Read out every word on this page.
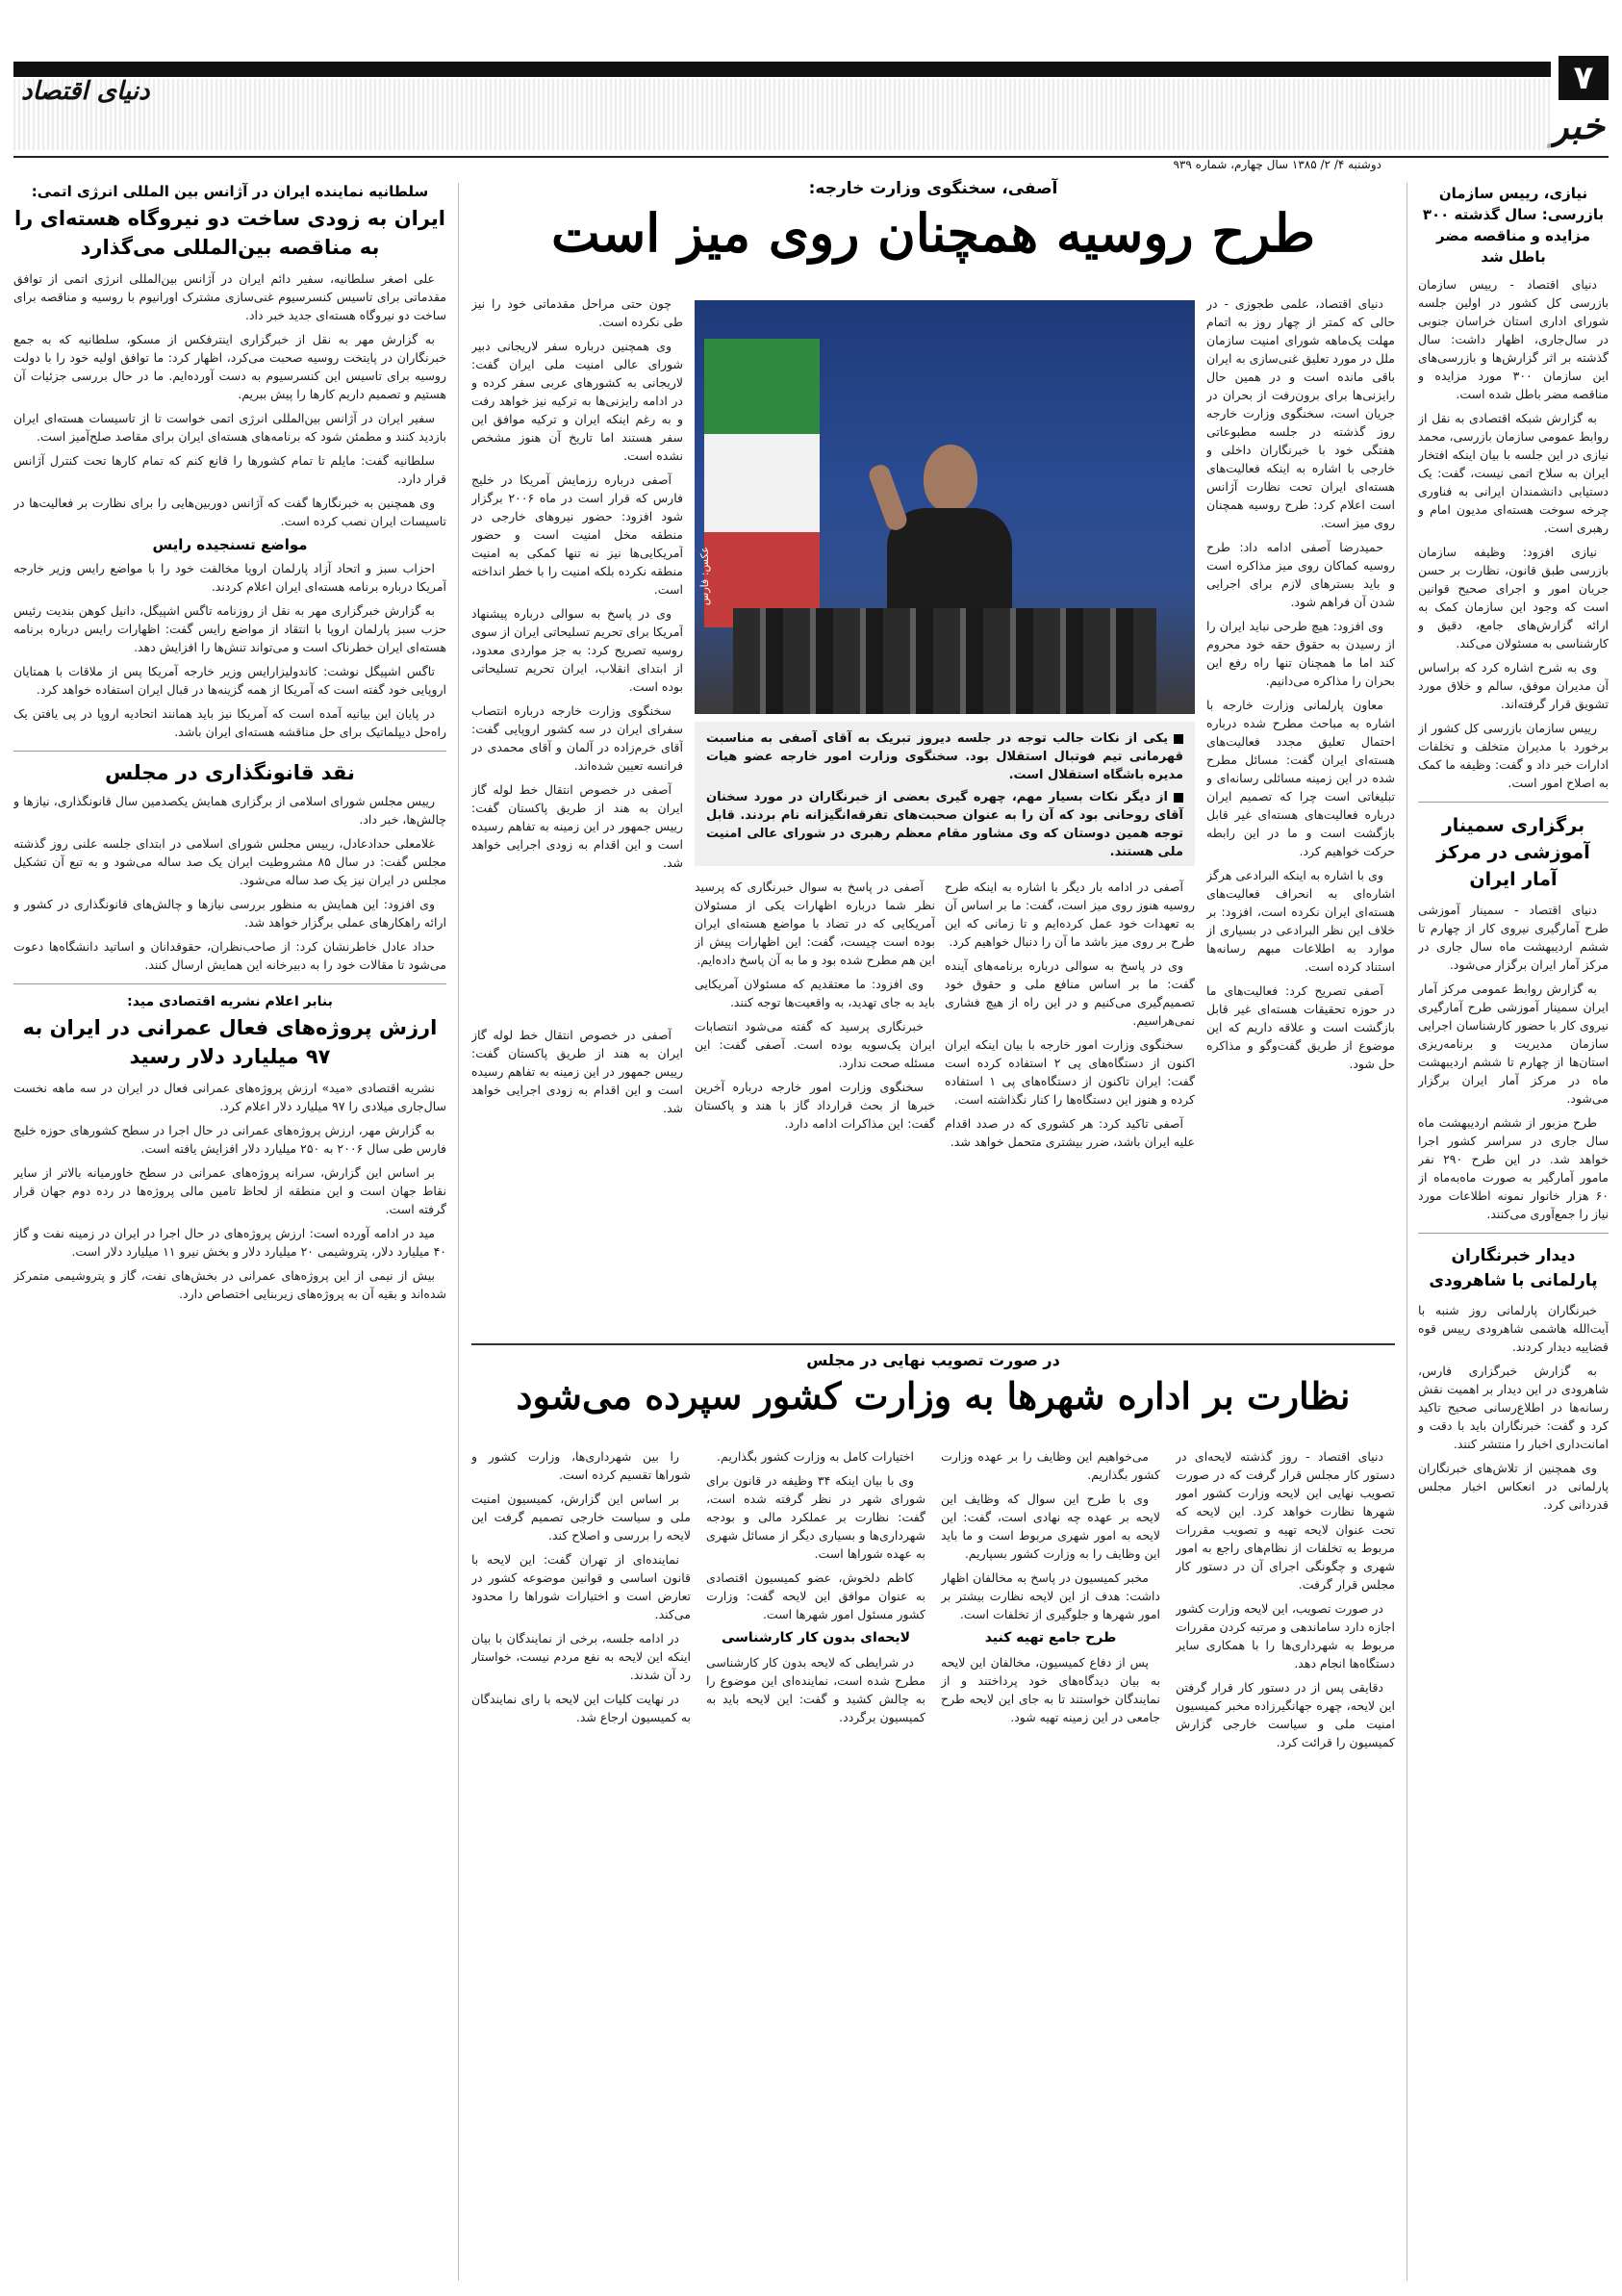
۷
خبر
دنیای اقتصاد
دوشنبه ۴/ ۲/ ۱۳۸۵ سال چهارم، شماره ۹۳۹
سلطانیه نماینده ایران در آژانس بین المللی انرژی اتمی:
ایران به زودی ساخت دو نیروگاه هسته‌ای را به مناقصه بین‌المللی می‌گذارد

علی اصغر سلطانیه، سفیر دائم ایران در آژانس بین‌المللی انرژی اتمی از توافق مقدماتی برای تاسیس کنسرسیوم غنی‌سازی مشترک اورانیوم با روسیه و مناقصه برای ساخت دو نیروگاه هسته‌ای جدید خبر داد.

به گزارش مهر به نقل از خبرگزاری اینترفکس از مسکو، سلطانیه که به جمع خبرنگاران در پایتخت روسیه صحبت می‌کرد، اظهار کرد: ما توافق اولیه خود را با دولت روسیه برای تاسیس این کنسرسیوم به دست آورده‌ایم. ما در حال بررسی جزئیات آن هستیم و تصمیم داریم کارها را پیش ببریم.

سفیر ایران در آژانس بین‌المللی انرژی اتمی خواست تا از تاسیسات هسته‌ای ایران بازدید کنند و مطمئن شود که برنامه‌های هسته‌ای ایران برای مقاصد صلح‌آمیز است.

سلطانیه گفت: مایلم تا تمام کشورها را قانع کنم که تمام کارها تحت کنترل آژانس قرار دارد.

وی همچنین به خبرنگارها گفت که آژانس دوربین‌هایی را برای نظارت بر فعالیت‌ها در تاسیسات ایران نصب کرده است.

مواضع تسنجیده رایس

احزاب سبز و اتحاد آزاد پارلمان اروپا مخالفت خود را با مواضع رایس وزیر خارجه آمریکا درباره برنامه هسته‌ای ایران اعلام کردند.

به گزارش خبرگزاری مهر به نقل از روزنامه تاگس اشپیگل، دانیل کوهن بندیت رئیس حزب سبز پارلمان اروپا با انتقاد از مواضع رایس گفت: اظهارات رایس درباره برنامه هسته‌ای ایران خطرناک است و می‌تواند تنش‌ها را افزایش دهد.

تاگس اشپیگل نوشت: کاندولیزارایس وزیر خارجه آمریکا پس از ملاقات با همتایان اروپایی خود گفته است که آمریکا از همه گزینه‌ها در قبال ایران استفاده خواهد کرد.

در پایان این بیانیه آمده است که آمریکا نیز باید همانند اتحادیه اروپا در پی یافتن یک راه‌حل دیپلماتیک برای حل مناقشه هسته‌ای ایران باشد.

نقد قانونگذاری در مجلس

رییس مجلس شورای اسلامی از برگزاری همایش یکصدمین سال قانونگذاری، نیازها و چالش‌ها، خبر داد.

غلامعلی حدادعادل، رییس مجلس شورای اسلامی در ابتدای جلسه علنی روز گذشته مجلس گفت: در سال ۸۵ مشروطیت ایران یک صد ساله می‌شود و به تبع آن تشکیل مجلس در ایران نیز یک صد ساله می‌شود.

وی افزود: این همایش به منظور بررسی نیازها و چالش‌های قانونگذاری در کشور و ارائه راهکارهای عملی برگزار خواهد شد.

حداد عادل خاطرنشان کرد: از صاحب‌نظران، حقوقدانان و اساتید دانشگاه‌ها دعوت می‌شود تا مقالات خود را به دبیرخانه این همایش ارسال کنند.

بنابر اعلام نشریه اقتصادی مید:
ارزش پروژه‌های فعال عمرانی در ایران به ۹۷ میلیارد دلار رسید

نشریه اقتصادی «مید» ارزش پروژه‌های عمرانی فعال در ایران در سه ماهه نخست سال‌جاری میلادی را ۹۷ میلیارد دلار اعلام کرد.

به گزارش مهر، ارزش پروژه‌های عمرانی در حال اجرا در سطح کشورهای حوزه خلیج فارس طی سال ۲۰۰۶ به ۲۵۰ میلیارد دلار افزایش یافته است.

بر اساس این گزارش، سرانه پروژه‌های عمرانی در سطح خاورمیانه بالاتر از سایر نقاط جهان است و این منطقه از لحاظ تامین مالی پروژه‌ها در رده دوم جهان قرار گرفته است.

مید در ادامه آورده است: ارزش پروژه‌های در حال اجرا در ایران در زمینه نفت و گاز ۴۰ میلیارد دلار، پتروشیمی ۲۰ میلیارد دلار و بخش نیرو ۱۱ میلیارد دلار است.

بیش از نیمی از این پروژه‌های عمرانی در بخش‌های نفت، گاز و پتروشیمی متمرکز شده‌اند و بقیه آن به پروژه‌های زیربنایی اختصاص دارد.

آصفی، سخنگوی وزارت خارجه:
طرح روسیه همچنان روی میز است

چون حتی مراحل مقدماتی خود را نیز طی نکرده است.

وی همچنین درباره سفر لاریجانی دبیر شورای عالی امنیت ملی ایران گفت: لاریجانی به کشورهای عربی سفر کرده و در ادامه رایزنی‌ها به ترکیه نیز خواهد رفت و به رغم اینکه ایران و ترکیه موافق این سفر هستند اما تاریخ آن هنوز مشخص نشده است.

آصفی درباره رزمایش آمریکا در خلیج فارس که قرار است در ماه ۲۰۰۶ برگزار شود افزود: حضور نیروهای خارجی در منطقه مخل امنیت است و حضور آمریکایی‌ها نیز نه تنها کمکی به امنیت منطقه نکرده بلکه امنیت را با خطر انداخته است.

وی در پاسخ به سوالی درباره پیشنهاد آمریکا برای تحریم تسلیحاتی ایران از سوی روسیه تصریح کرد: به جز مواردی معدود، از ابتدای انقلاب، ایران تحریم تسلیحاتی بوده است.

سخنگوی وزارت خارجه درباره انتصاب سفرای ایران در سه کشور اروپایی گفت: آقای خرم‌زاده در آلمان و آقای محمدی در فرانسه تعیین شده‌اند.

آصفی در خصوص انتقال خط لوله گاز ایران به هند از طریق پاکستان گفت: رییس جمهور در این زمینه به تفاهم رسیده است و این اقدام به زودی اجرایی خواهد شد.

عکس: فارس

یکی از نکات جالب توجه در جلسه دیروز تبریک به آقای آصفی به مناسبت قهرمانی تیم فوتبال استقلال بود. سخنگوی وزارت امور خارجه عضو هیات مدیره باشگاه استقلال است.

از دیگر نکات بسیار مهم، چهره گیری بعضی از خبرنگاران در مورد سخنان آقای روحانی بود که آن را به عنوان صحبت‌های تفرقه‌انگیزانه نام بردند. قابل توجه همین دوستان که وی مشاور مقام معظم رهبری در شورای عالی امنیت ملی هستند.

دنیای اقتصاد، علمی طجوزی - در حالی که کمتر از چهار روز به اتمام مهلت یک‌ماهه شورای امنیت سازمان ملل در مورد تعلیق غنی‌سازی به ایران باقی مانده است و در همین حال رایزنی‌ها برای برون‌رفت از بحران در جریان است، سخنگوی وزارت خارجه روز گذشته در جلسه مطبوعاتی هفتگی خود با خبرنگاران داخلی و خارجی با اشاره به اینکه فعالیت‌های هسته‌ای ایران تحت نظارت آژانس است اعلام کرد: طرح روسیه همچنان روی میز است.

حمیدرضا آصفی ادامه داد: طرح روسیه کماکان روی میز مذاکره است و باید بستر‌های لازم برای اجرایی شدن آن فراهم شود.

وی افزود: هیچ طرحی نباید ایران را از رسیدن به حقوق حقه خود محروم کند اما ما همچنان تنها راه رفع این بحران را مذاکره می‌دانیم.

معاون پارلمانی وزارت خارجه با اشاره به مباحث مطرح شده درباره احتمال تعلیق مجدد فعالیت‌های هسته‌ای ایران گفت: مسائل مطرح شده در این زمینه مسائلی رسانه‌ای و تبلیغاتی است چرا که تصمیم ایران درباره فعالیت‌های هسته‌ای غیر قابل بازگشت است و ما در این رابطه حرکت خواهیم کرد.

وی با اشاره به اینکه البرادعی هرگز اشاره‌ای به انحراف فعالیت‌های هسته‌ای ایران نکرده است، افزود: بر خلاف این نظر البرادعی در بسیاری از موارد به اطلاعات مبهم رسانه‌ها استناد کرده است.

آصفی تصریح کرد: فعالیت‌های ما در حوزه تحقیقات هسته‌ای غیر قابل بازگشت است و علاقه داریم که این موضوع از طریق گفت‌وگو و مذاکره حل شود.

آصفی در ادامه بار دیگر با اشاره به اینکه طرح روسیه هنوز روی میز است، گفت: ما بر اساس آن به تعهدات خود عمل کرده‌ایم و تا زمانی که این طرح بر روی میز باشد ما آن را دنبال خواهیم کرد.

وی در پاسخ به سوالی درباره برنامه‌های آینده گفت: ما بر اساس منافع ملی و حقوق خود تصمیم‌گیری می‌کنیم و در این راه از هیچ فشاری نمی‌هراسیم.

سخنگوی وزارت امور خارجه با بیان اینکه ایران اکنون از دستگاه‌های پی ۲ استفاده کرده است گفت: ایران تاکنون از دستگاه‌های پی ۱ استفاده کرده و هنوز این دستگاه‌ها را کنار نگذاشته است.

آصفی تاکید کرد: هر کشوری که در صدد اقدام علیه ایران باشد، ضرر بیشتری متحمل خواهد شد.

آصفی در پاسخ به سوال خبرنگاری که پرسید نظر شما درباره اظهارات یکی از مسئولان آمریکایی که در تضاد با مواضع هسته‌ای ایران بوده است چیست، گفت: این اظهارات پیش از این هم مطرح شده بود و ما به آن پاسخ داده‌ایم.

وی افزود: ما معتقدیم که مسئولان آمریکایی باید به جای تهدید، به واقعیت‌ها توجه کنند.

خبرنگاری پرسید که گفته می‌شود انتصابات ایران یک‌سویه بوده است. آصفی گفت: این مسئله صحت ندارد.

سخنگوی وزارت امور خارجه درباره آخرین خبرها از بحث قرارداد گاز با هند و پاکستان گفت: این مذاکرات ادامه دارد.

آصفی در خصوص انتقال خط لوله گاز ایران به هند از طریق پاکستان گفت: رییس جمهور در این زمینه به تفاهم رسیده است و این اقدام به زودی اجرایی خواهد شد.

در صورت تصویب نهایی در مجلس
نظارت بر اداره شهرها به وزارت کشور سپرده می‌شود

دنیای اقتصاد - روز گذشته لایحه‌ای در دستور کار مجلس قرار گرفت که در صورت تصویب نهایی این لایحه وزارت کشور امور شهرها نظارت خواهد کرد. این لایحه که تحت عنوان لایحه تهیه و تصویب مقررات مربوط به تخلفات از نظام‌های راجع به امور شهری و چگونگی اجرای آن در دستور کار مجلس قرار گرفت.

در صورت تصویب، این لایحه وزارت کشور اجازه دارد ساماندهی و مرتبه کردن مقررات مربوط به شهرداری‌ها را با همکاری سایر دستگاه‌ها انجام دهد.

دقایقی پس از در دستور کار قرار گرفتن این لایحه، چهره جهانگیرزاده مخبر کمیسیون امنیت ملی و سیاست خارجی گزارش کمیسیون را قرائت کرد.

می‌خواهیم این وظایف را بر عهده وزارت کشور بگذاریم.

وی با طرح این سوال که وظایف این لایحه بر عهده چه نهادی است، گفت: این لایحه به امور شهری مربوط است و ما باید این وظایف را به وزارت کشور بسپاریم.

مخبر کمیسیون در پاسخ به مخالفان اظهار داشت: هدف از این لایحه نظارت بیشتر بر امور شهرها و جلوگیری از تخلفات است.

طرح جامع تهیه کنید

پس از دفاع کمیسیون، مخالفان این لایحه به بیان دیدگاه‌های خود پرداختند و از نمایندگان خواستند تا به جای این لایحه طرح جامعی در این زمینه تهیه شود.

اختیارات کامل به وزارت کشور بگذاریم.

وی با بیان اینکه ۳۴ وظیفه در قانون برای شورای شهر در نظر گرفته شده است، گفت: نظارت بر عملکرد مالی و بودجه شهرداری‌ها و بسیاری دیگر از مسائل شهری به عهده شوراها است.

کاظم دلخوش، عضو کمیسیون اقتصادی به عنوان موافق این لایحه گفت: وزارت کشور مسئول امور شهرها است.

لایحه‌ای بدون کار کارشناسی

در شرایطی که لایحه بدون کار کارشناسی مطرح شده است، نماینده‌ای این موضوع را به چالش کشید و گفت: این لایحه باید به کمیسیون برگردد.

را بین شهرداری‌ها، وزارت کشور و شوراها تقسیم کرده است.

بر اساس این گزارش، کمیسیون امنیت ملی و سیاست خارجی تصمیم گرفت این لایحه را بررسی و اصلاح کند.

نماینده‌ای از تهران گفت: این لایحه با قانون اساسی و قوانین موضوعه کشور در تعارض است و اختیارات شوراها را محدود می‌کند.

در ادامه جلسه، برخی از نمایندگان با بیان اینکه این لایحه به نفع مردم نیست، خواستار رد آن شدند.

در نهایت کلیات این لایحه با رای نمایندگان به کمیسیون ارجاع شد.

نیازی، رییس سازمان بازرسی: سال گذشته ۳۰۰ مزایده و مناقصه مضر باطل شد

دنیای اقتصاد - رییس سازمان بازرسی کل کشور در اولین جلسه شورای اداری استان خراسان جنوبی در سال‌جاری، اظهار داشت: سال گذشته بر اثر گزارش‌ها و بازرسی‌های این سازمان ۳۰۰ مورد مزایده و مناقصه مضر باطل شده است.

به گزارش شبکه اقتصادی به نقل از روابط عمومی سازمان بازرسی، محمد نیازی در این جلسه با بیان اینکه افتخار ایران به سلاح اتمی نیست، گفت: یک دستیابی دانشمندان ایرانی به فناوری چرخه سوخت هسته‌ای مدیون امام و رهبری است.

نیازی افزود: وظیفه سازمان بازرسی طبق قانون، نظارت بر حسن جریان امور و اجرای صحیح قوانین است که وجود این سازمان کمک به ارائه گزارش‌های جامع، دقیق و کارشناسی به مسئولان می‌کند.

وی به شرح اشاره کرد که براساس آن مدیران موفق، سالم و خلاق مورد تشویق قرار گرفته‌اند.

رییس سازمان بازرسی کل کشور از برخورد با مدیران متخلف و تخلفات ادارات خبر داد و گفت: وظیفه ما کمک به اصلاح امور است.

برگزاری سمینار آموزشی در مرکز آمار ایران

دنیای اقتصاد - سمینار آموزشی طرح آمارگیری نیروی کار از چهارم تا ششم اردیبهشت ماه سال جاری در مرکز آمار ایران برگزار می‌شود.

به گزارش روابط عمومی مرکز آمار ایران سمینار آموزشی طرح آمارگیری نیروی کار با حضور کارشناسان اجرایی سازمان مدیریت و برنامه‌ریزی استان‌ها از چهارم تا ششم اردیبهشت ماه در مرکز آمار ایران برگزار می‌شود.

طرح مزبور از ششم اردیبهشت ماه سال جاری در سراسر کشور اجرا خواهد شد. در این طرح ۲۹۰ نفر مامور آمارگیر به صورت ماه‌به‌ماه از ۶۰ هزار خانوار نمونه اطلاعات مورد نیاز را جمع‌آوری می‌کنند.

دیدار خبرنگاران پارلمانی با شاهرودی

خبرنگاران پارلمانی روز شنبه با آیت‌الله هاشمی شاهرودی رییس قوه قضاییه دیدار کردند.

به گزارش خبرگزاری فارس، شاهرودی در این دیدار بر اهمیت نقش رسانه‌ها در اطلاع‌رسانی صحیح تاکید کرد و گفت: خبرنگاران باید با دقت و امانت‌داری اخبار را منتشر کنند.

وی همچنین از تلاش‌های خبرنگاران پارلمانی در انعکاس اخبار مجلس قدردانی کرد.
